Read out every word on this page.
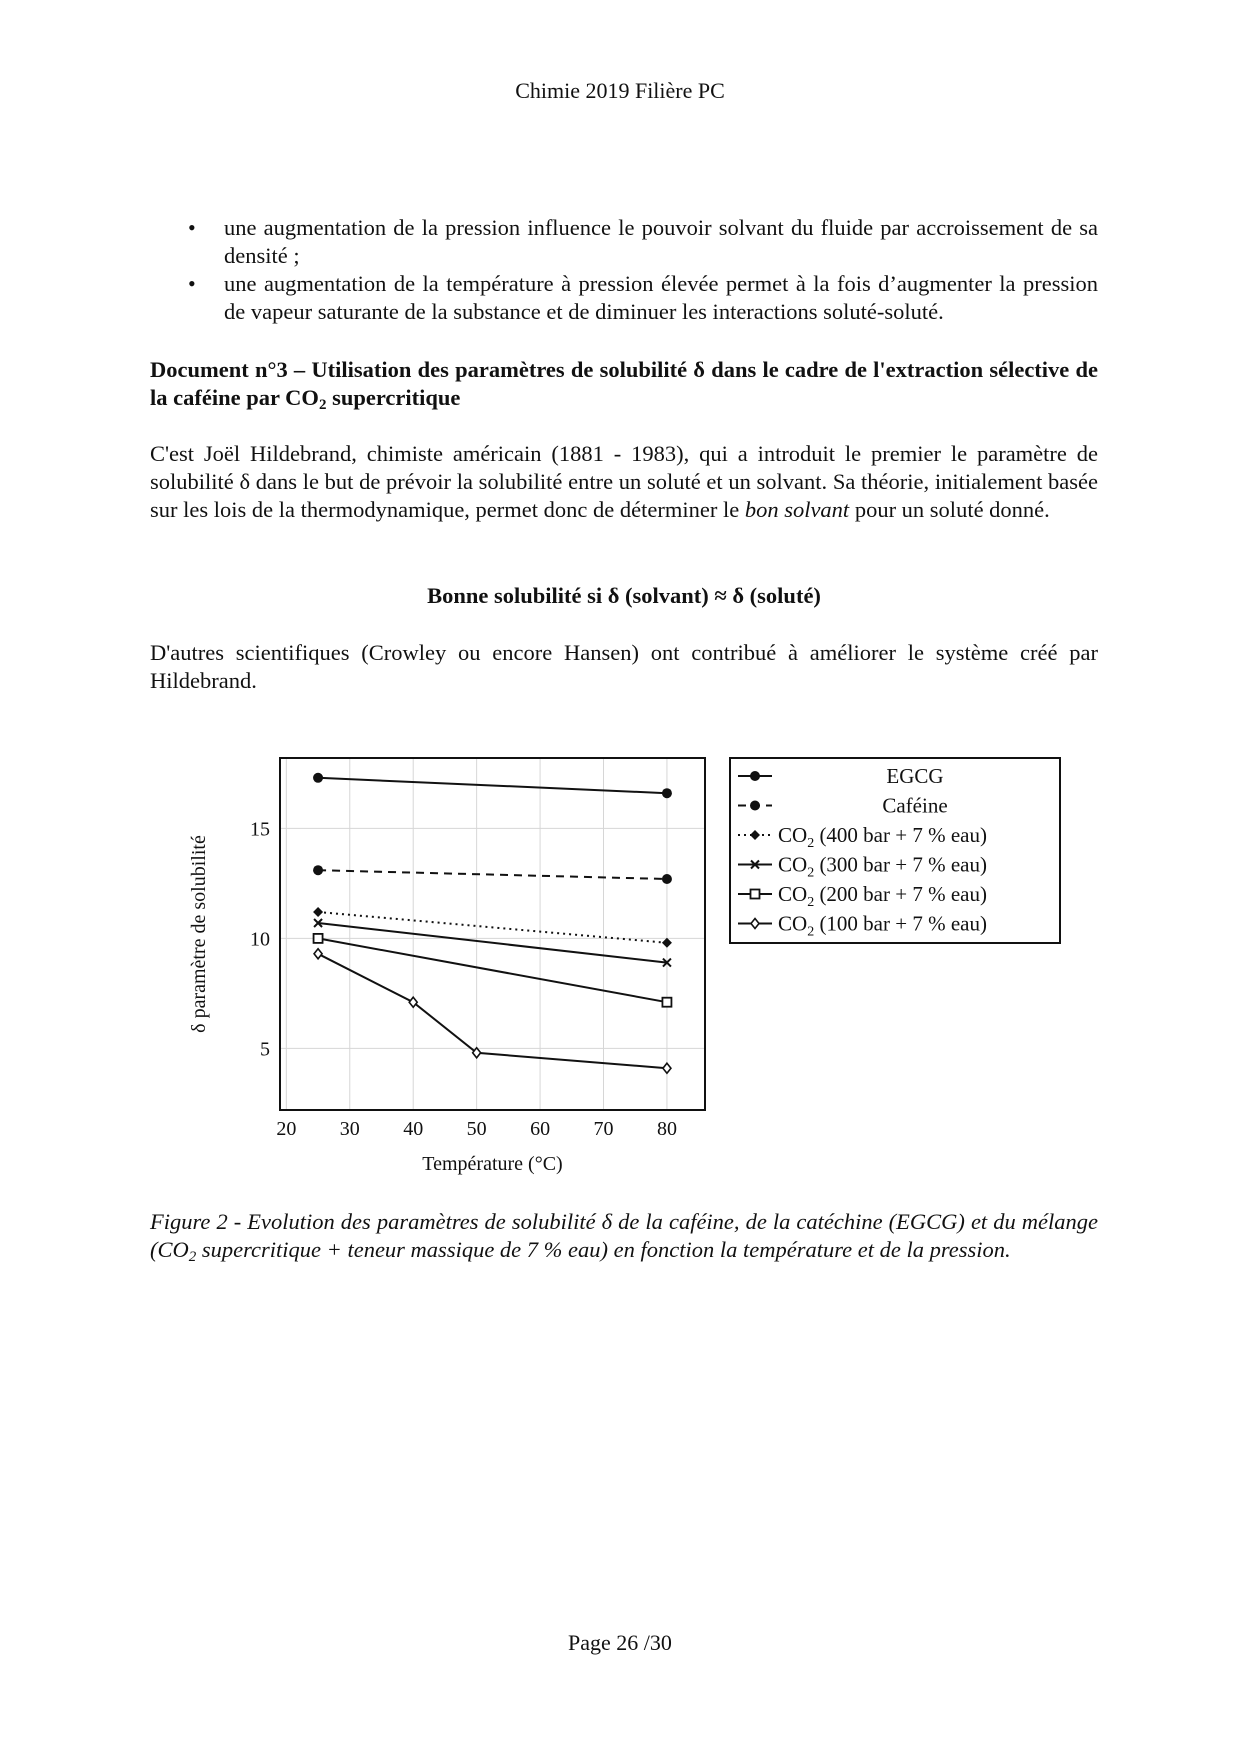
Chimie 2019 Filière PC
• une augmentation de la pression influence le pouvoir solvant du fluide par accroissement de sa densité ;
• une augmentation de la température à pression élevée permet à la fois d’augmenter la pression de vapeur saturante de la substance et de diminuer les interactions soluté-soluté.

Document n°3 – Utilisation des paramètres de solubilité δ dans le cadre de l'extraction sélective de la caféine par $CO_2$ supercritique

C'est Joël Hildebrand, chimiste américain (1881 - 1983), qui a introduit le premier le paramètre de solubilité δ dans le but de prévoir la solubilité entre un soluté et un solvant. Sa théorie, initialement basée sur les lois de la thermodynamique, permet donc de déterminer le bon solvant pour un soluté donné.

Bonne solubilité si δ (solvant) ≈ δ (soluté)

D'autres scientifiques (Crowley ou encore Hansen) ont contribué à améliorer le système créé par Hildebrand.

20 30 40 50 60 70 80
5
10
15
Température (°C)
δ paramètre de solubilité
EGCG
Caféine
$CO_2$ (400 bar + 7 % eau)
$CO_2$ (300 bar + 7 % eau)
$CO_2$ (200 bar + 7 % eau)
$CO_2$ (100 bar + 7 % eau)

Figure 2 - Evolution des paramètres de solubilité δ de la caféine, de la catéchine (EGCG) et du mélange ($CO_2$ supercritique + teneur massique de 7 % eau) en fonction la température et de la pression.

Page 26 /30
